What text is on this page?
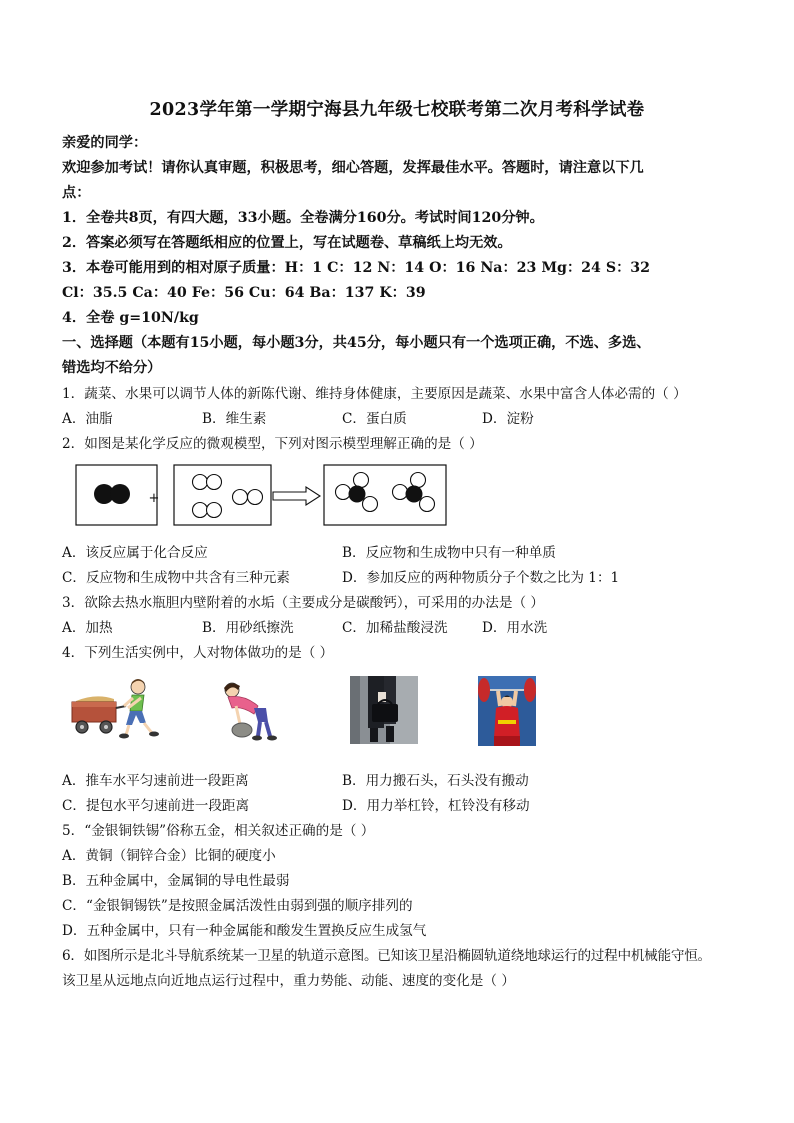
2023学年第一学期宁海县九年级七校联考第二次月考科学试卷
亲爱的同学：
欢迎参加考试！请你认真审题，积极思考，细心答题，发挥最佳水平。答题时，请注意以下几
点：
1．全卷共8页，有四大题，33小题。全卷满分160分。考试时间120分钟。
2．答案必须写在答题纸相应的位置上，写在试题卷、草稿纸上均无效。
3．本卷可能用到的相对原子质量：H：1 C：12 N：14 O：16 Na：23 Mg：24 S：32
Cl：35.5 Ca：40 Fe：56 Cu：64 Ba：137 K：39
4．全卷 g=10N/kg
一、选择题（本题有15小题，每小题3分，共45分，每小题只有一个选项正确，不选、多选、
错选均不给分）
1．蔬菜、水果可以调节人体的新陈代谢、维持身体健康，主要原因是蔬菜、水果中富含人体必需的（ ）
A．油脂	B．维生素	C．蛋白质	D．淀粉
2．如图是某化学反应的微观模型，下列对图示模型理解正确的是（ ）
+
A．该反应属于化合反应	B．反应物和生成物中只有一种单质
C．反应物和生成物中共含有三种元素	D．参加反应的两种物质分子个数之比为 1：1
3．欲除去热水瓶胆内壁附着的水垢（主要成分是碳酸钙），可采用的办法是（ ）
A．加热	B．用砂纸擦洗	C．加稀盐酸浸洗	D．用水洗
4．下列生活实例中，人对物体做功的是（ ）
A．推车水平匀速前进一段距离	B．用力搬石头，石头没有搬动
C．提包水平匀速前进一段距离	D．用力举杠铃，杠铃没有移动
5．“金银铜铁锡”俗称五金，相关叙述正确的是（ ）
A．黄铜（铜锌合金）比铜的硬度小
B．五种金属中，金属铜的导电性最弱
C．“金银铜锡铁”是按照金属活泼性由弱到强的顺序排列的
D．五种金属中，只有一种金属能和酸发生置换反应生成氢气
6．如图所示是北斗导航系统某一卫星的轨道示意图。已知该卫星沿椭圆轨道绕地球运行的过程中机械能守恒。
该卫星从远地点向近地点运行过程中，重力势能、动能、速度的变化是（ ）
